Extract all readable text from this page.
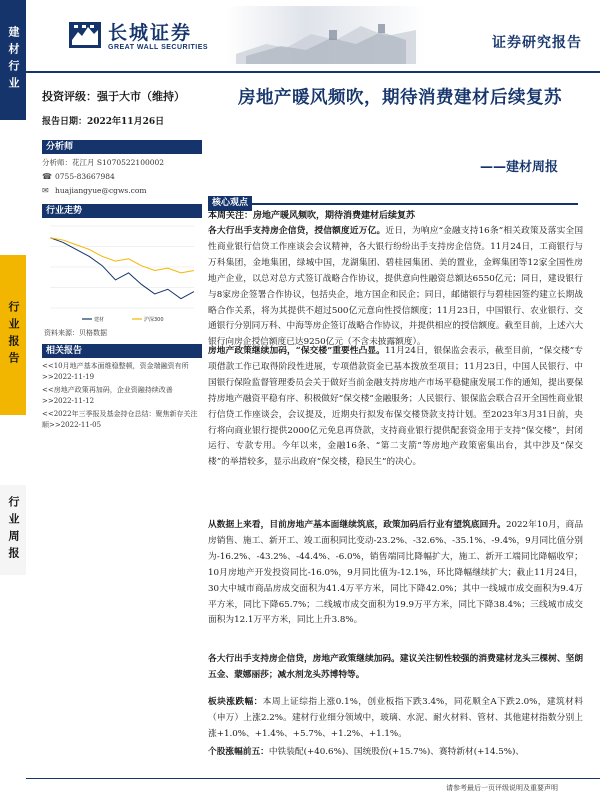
建材行业
行业报告
行业周报
长城证券
GREAT WALL SECURITIES	证券研究报告
投资评级：强于大市（维持）
报告日期：2022年11月26日
分析师
分析师：花江月 S1070522100002
☎ 0755-83667984
✉ huajiangyue@cgws.com
行业走势
建材	沪深300
资料来源：贝格数据
相关报告
<<10月地产基本面维稳整顿，资金端融资有所>>2022-11-19
<<房地产政策再加码，企业资融持续改善>>2022-11-12
<<2022年三季报及基金持仓总结：聚焦新存关注顺>>2022-11-05
房地产暖风频吹，期待消费建材后续复苏
——建材周报
核心观点
本周关注：房地产暖风频吹，期待消费建材后续复苏
各大行出手支持房企信贷，授信额度近万亿。近日，为响应“金融支持16条”相关政策及落实全国性商业银行信贷工作座谈会会议精神，各大银行纷纷出手支持房企信贷。11月24日，工商银行与万科集团，金地集团，绿城中国，龙湖集团、碧桂园集团、美的置业，金辉集团等12家全国性房地产企业，以总对总方式签订战略合作协议，提供意向性融资总额达6550亿元；同日，建设银行与8家房企签署合作协议，包括央企，地方国企和民企；同日，邮储银行与碧桂园签约建立长期战略合作关系，将为其提供不超过500亿元意向性授信额度；11月23日，中国银行、农业银行、交通银行分别同万科、中海等房企签订战略合作协议，并提供相应的授信额度。截至目前，上述六大银行向房企授信额度已达9250亿元（不含未披露额度）。
房地产政策继续加码，“保交楼”重要性凸显。11月24日，银保监会表示，截至目前，“保交楼”专项借款工作已取得阶段性进展，专项借款资金已基本拨放至项目；11月23日，中国人民银行、中国银行保险监督管理委员会关于做好当前金融支持房地产市场平稳健康发展工作的通知，提出要保持房地产融资平稳有序、积极做好“保交楼”金融服务；人民银行、银保监会联合召开全国性商业银行信贷工作座谈会，会议提及，近期央行拟发布保交楼贷款支持计划。至2023年3月31日前，央行将向商业银行提供2000亿元免息再贷款，支持商业银行提供配套资金用于支持“保交楼”，封闭运行、专款专用。今年以来，金融16条、“第二支箭”等房地产政策密集出台，其中涉及“保交楼”的举措较多，显示出政府“保交楼，稳民生”的决心。
从数据上来看，目前房地产基本面继续筑底，政策加码后行业有望筑底回升。2022年10月，商品房销售、施工、新开工、竣工面积同比变动-23.2%、-32.6%、-35.1%、-9.4%，9月同比值分别为-16.2%、-43.2%、-44.4%、-6.0%，销售端同比降幅扩大，施工、新开工端同比降幅收窄；10月房地产开发投资同比-16.0%，9月同比值为-12.1%，环比降幅继续扩大；截止11月24日，30大中城市商品房成交面积为41.4万平方米，同比下降42.0%；其中一线城市成交面积为9.4万平方米，同比下降65.7%；二线城市成交面积为19.9万平方米，同比下降38.4%；三线城市成交面积为12.1万平方米，同比上升3.8%。
各大行出手支持房企信贷，房地产政策继续加码。建议关注韧性较强的消费建材龙头三棵树、坚朗五金、蒙娜丽莎；减水剂龙头苏博特等。
板块涨跌幅：本周上证综指上涨0.1%，创业板指下跌3.4%，同花顺全A下跌2.0%，建筑材料（申万）上涨2.2%。建材行业细分领域中，玻璃、水泥、耐火材料、管材、其他建材指数分别上涨+1.0%、+1.4%、+5.7%、+1.2%、+1.1%。
个股涨幅前五：中铁装配(+40.6%)、国统股份(+15.7%)、赛特新材(+14.5%)、
请参考最后一页评级说明及重要声明
